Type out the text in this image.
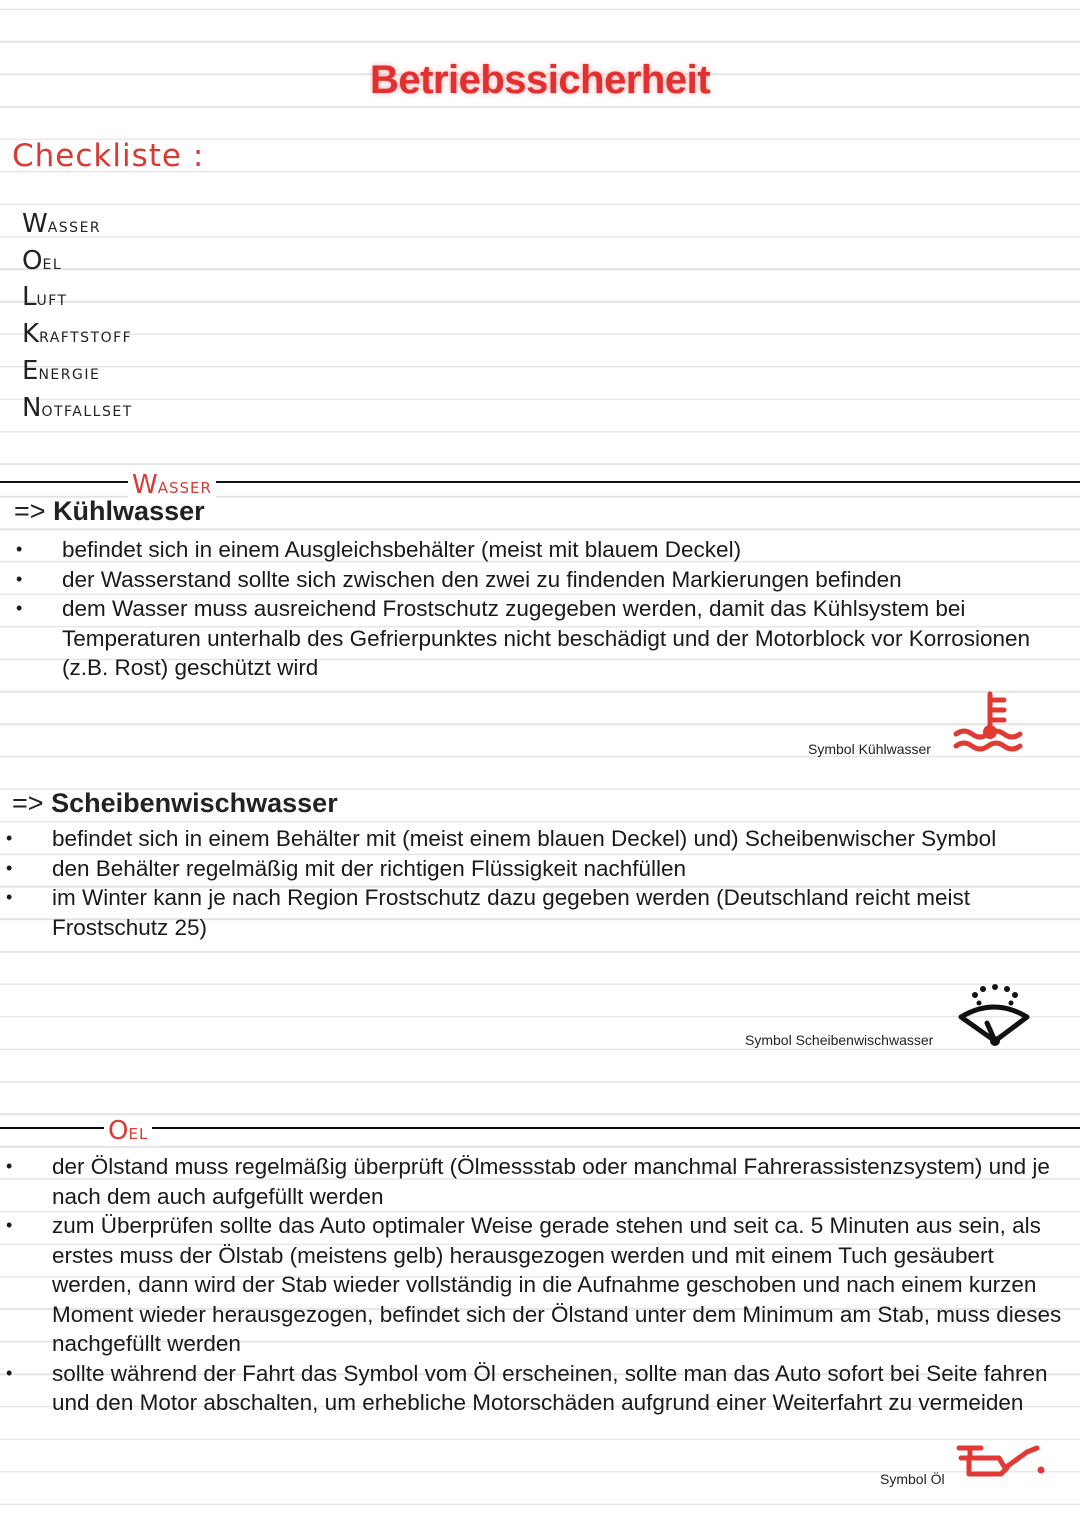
Betriebssicherheit
Checkliste :
WASSER
OEL
LUFT
KRAFTSTOFF
ENERGIE
NOTFALLSET
WASSER
=> Kühlwasser
• befindet sich in einem Ausgleichsbehälter (meist mit blauem Deckel)
• der Wasserstand sollte sich zwischen den zwei zu findenden Markierungen befinden
• dem Wasser muss ausreichend Frostschutz zugegeben werden, damit das Kühlsystem bei Temperaturen unterhalb des Gefrierpunktes nicht beschädigt und der Motorblock vor Korrosionen (z.B. Rost) geschützt wird
Symbol Kühlwasser
=> Scheibenwischwasser
• befindet sich in einem Behälter mit (meist einem blauen Deckel) und) Scheibenwischer Symbol
• den Behälter regelmäßig mit der richtigen Flüssigkeit nachfüllen
• im Winter kann je nach Region Frostschutz dazu gegeben werden (Deutschland reicht meist Frostschutz 25)
Symbol Scheibenwischwasser
OEL
• der Ölstand muss regelmäßig überprüft (Ölmessstab oder manchmal Fahrerassistenzsystem) und je nach dem auch aufgefüllt werden
• zum Überprüfen sollte das Auto optimaler Weise gerade stehen und seit ca. 5 Minuten aus sein, als erstes muss der Ölstab (meistens gelb) herausgezogen werden und mit einem Tuch gesäubert werden, dann wird der Stab wieder vollständig in die Aufnahme geschoben und nach einem kurzen Moment wieder herausgezogen, befindet sich der Ölstand unter dem Minimum am Stab, muss dieses nachgefüllt werden
• sollte während der Fahrt das Symbol vom Öl erscheinen, sollte man das Auto sofort bei Seite fahren und den Motor abschalten, um erhebliche Motorschäden aufgrund einer Weiterfahrt zu vermeiden
Symbol Öl
